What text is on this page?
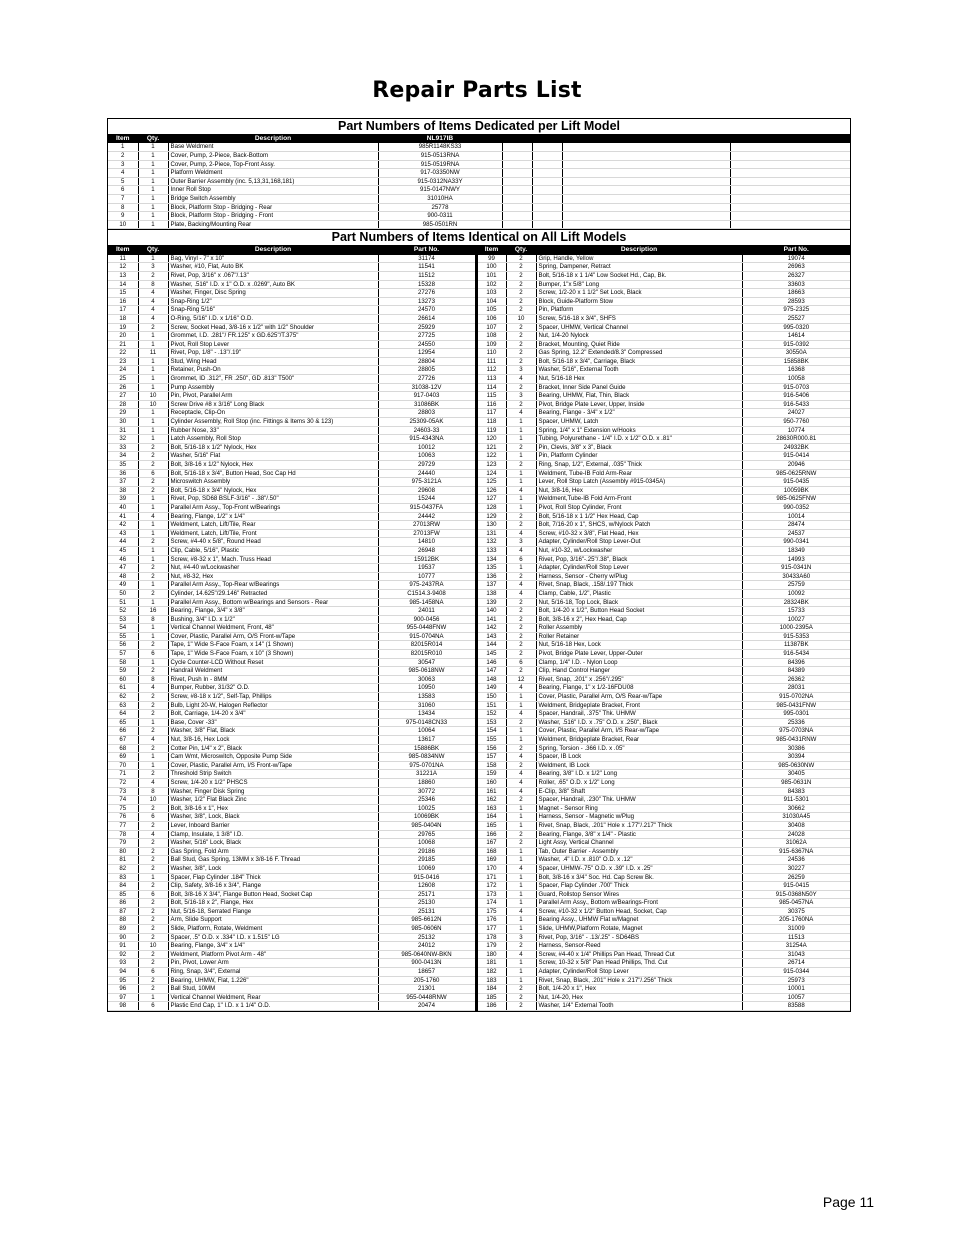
Repair Parts List
Part Numbers of Items Dedicated per Lift Model
Item	Qty.	Description	NL917IB				
1	1	Base Weldment	985R1148KS33				
2	1	Cover, Pump, 2-Piece, Back-Bottom	915-0513RNA				
3	1	Cover, Pump, 2-Piece, Top-Front Assy.	915-0519RNA				
4	1	Platform Weldment	917-03350NW				
5	1	Outer Barrier Assembly (inc. 5,13,31,168,181)	915-0312NA33Y				
6	1	Inner Roll Stop	915-0147NWY				
7	1	Bridge Switch Assembly	31010HA				
8	1	Block, Platform Stop - Bridging - Rear	25778				
9	1	Block, Platform Stop - Bridging - Front	900-0311				
10	1	Plate, Backing/Mounting Rear	985-0501RN				
Part Numbers of Items Identical on All Lift Models
Item	Qty.	Description	Part No.	Item	Qty.	Description	Part No.
11	1	Bag, Vinyl - 7" x 10"	31174	99	2	Grip, Handle, Yellow	19074
12	3	Washer, #10, Flat, Auto BK	11541	100	2	Spring, Dampener, Retract	26963
13	2	Rivet, Pop, 3/16" x .067"/.13"	11512	101	2	Bolt, 5/16-18 x 1 1/4" Low Socket Hd., Cap, Bk.	26327
14	8	Washer, .516" I.D. x 1" O.D. x .0269", Auto BK	15328	102	2	Bumper, 1"x 5/8" Long	33603
15	4	Washer, Finger, Disc Spring	27276	103	2	Screw, 1/2-20 x 1 1/2" Set Lock, Black	18663
16	4	Snap-Ring 1/2"	13273	104	2	Block, Guide-Platform Stow	28593
17	4	Snap-Ring 5/16"	24570	105	2	Pin, Platform	975-2325
18	4	O-Ring, 5/16" I.D. x 1/16" O.D.	26614	106	10	Screw, 5/16-18 x 3/4", SHFS	25527
19	2	Screw, Socket Head, 3/8-16 x 1/2" with 1/2" Shoulder	25929	107	2	Spacer, UHMW, Vertical Channel	995-0320
20	1	Grommet, I.D. .281"/ FR.125" x GD.625"/T.375"	27725	108	2	Nut, 1/4-20 Nylock	14614
21	1	Pivot, Roll Stop Lever	24550	109	2	Bracket, Mounting, Quiet Ride	915-0392
22	11	Rivet, Pop, 1/8" - .13"/.19"	12954	110	2	Gas Spring, 12.2" Extended/8.3" Compressed	30550A
23	1	Stud, Wing Head	28804	111	2	Bolt, 5/16-18 x 3/4", Carriage, Black	15858BK
24	1	Retainer, Push-On	28805	112	3	Washer, 5/16", External Tooth	16368
25	1	Grommet, ID .312", FR .250", GD .813" T500"	27726	113	4	Nut, 5/16-18 Hex	10058
26	1	Pump Assembly	31038-12V	114	2	Bracket, Inner Side Panel Guide	915-0703
27	10	Pin, Pivot, Parallel Arm	917-0403	115	3	Bearing, UHMW, Flat, Thin, Black	916-5406
28	10	Screw Drive #8 x 3/16" Long Black	31086BK	116	2	Pivot, Bridge Plate Lever, Upper, Inside	916-5433
29	1	Receptacle, Clip-On	28803	117	4	Bearing, Flange - 3/4" x 1/2"	24027
30	1	Cylinder Assembly, Roll Stop (inc. Fittings & Items 30 & 123)	25309-05AK	118	1	Spacer, UHMW, Latch	950-7760
31	1	Rubber Nose, 33"	24603-33	119	1	Spring, 1/4" x 1" Extension w/Hooks	10774
32	1	Latch Assembly, Roll Stop	915-4343NA	120	1	Tubing, Polyurethane - 1/4" I.D. x 1/2" O.D. x .81"	28630R000.81
33	2	Bolt, 5/16-18 x 1/2" Nylock, Hex	10012	121	2	Pin, Clevis, 3/8" x 3", Black	24932BK
34	2	Washer, 5/16" Flat	10063	122	1	Pin, Platform Cylinder	915-0414
35	2	Bolt, 3/8-16 x 1/2" Nylock, Hex	29729	123	2	Ring, Snap, 1/2", External, .035" Thick	20946
36	6	Bolt, 5/16-18 x 3/4", Button Head, Soc Cap Hd	24440	124	1	Weldment, Tube-IB Fold Arm-Rear	985-0625RNW
37	2	Microswitch Assembly	975-3121A	125	1	Lever, Roll Stop Latch (Assembly #915-0345A)	915-0435
38	2	Bolt, 5/16-18 x 3/4" Nylock, Hex	29608	126	4	Nut, 3/8-16, Hex	10059BK
39	1	Rivet, Pop, SD68 BSLF-3/16" - .38"/.50"	15244	127	1	Weldment,Tube-IB Fold Arm-Front	985-0625FNW
40	1	Parallel Arm Assy., Top-Front w/Bearings	915-0437FA	128	1	Pivot, Roll Stop Cylinder, Front	990-0352
41	4	Bearing, Flange, 1/2" x 1/4"	24442	129	2	Bolt, 5/16-18 x 1 1/2" Hex Head, Cap	10014
42	1	Weldment, Latch, Lift/Tile, Rear	27013RW	130	2	Bolt, 7/16-20 x 1", SHCS, w/Nylock Patch	28474
43	1	Weldment, Latch, Lift/Tile, Front	27013FW	131	4	Screw, #10-32 x 3/8", Flat Head, Hex	24537
44	2	Screw, #4-40 x 5/8", Round Head	14810	132	3	Adapter, Cylinder/Roll Stop Lever-Out	990-0341
45	1	Clip, Cable, 5/16", Plastic	26948	133	4	Nut, #10-32, w/Lockwasher	18349
46	1	Screw, #8-32 x 1", Mach. Truss Head	15912BK	134	6	Rivet, Pop, 3/16"-.25"/.38", Black	14993
47	2	Nut, #4-40 w/Lockwasher	19537	135	1	Adapter, Cylinder/Roll Stop Lever	915-0341N
48	2	Nut, #8-32, Hex	10777	136	2	Harness, Sensor - Cherry w/Plug	30433A60
49	1	Parallel Arm Assy., Top-Rear w/Bearings	975-2437RA	137	4	Rivet, Snap, Black, .158/.197 Thick	25759
50	2	Cylinder, 14.625"/29.146" Retracted	C1514.3-9408	138	4	Clamp, Cable, 1/2", Plastic	10092
51	1	Parallel Arm Assy., Bottom w/Bearings and Sensors - Rear	985-1458NA	139	2	Nut, 5/16-18, Top Lock, Black	28324BK
52	16	Bearing, Flange, 3/4" x 3/8"	24011	140	2	Bolt, 1/4-20 x 1/2", Button Head Socket	15733
53	8	Bushing, 3/4" I.D. x 1/2"	900-0456	141	2	Bolt, 3/8-16 x 2", Hex Head, Cap	10027
54	1	Vertical Channel Weldment, Front, 48"	955-0448FNW	142	2	Roller Assembly	1000-2395A
55	1	Cover, Plastic, Parallel Arm, O/S Front-w/Tape	915-0704NA	143	2	Roller Retainer	915-5353
56	2	Tape, 1" Wide S-Face Foam, x 14" (1 Shown)	82015R014	144	2	Nut, 5/16-18 Hex, Lock	11387BK
57	6	Tape, 1" Wide S-Face Foam, x 10" (3 Shown)	82015R010	145	2	Pivot, Bridge Plate Lever, Upper-Outer	916-5434
58	1	Cycle Counter-LCD Without Reset	30547	146	6	Clamp, 1/4" I.D. - Nylon Loop	84396
59	2	Handrail Weldment	985-0618NW	147	2	Clip, Hand Control Hanger	84389
60	8	Rivet, Push In - 8MM	30063	148	12	Rivet, Snap, .201" x .256"/.295"	26362
61	4	Bumper, Rubber, 31/32" O.D.	10950	149	4	Bearing, Flange, 1" x 1/2-16FDU08	28031
62	2	Screw, #8-18 x 1/2", Self-Tap, Phillips	13583	150	1	Cover, Plastic, Parallel Arm, O/S Rear-w/Tape	915-0702NA
63	2	Bulb, Light 20-W, Halogen Reflector	31060	151	1	Weldment, Bridgeplate Bracket, Front	985-0431FNW
64	2	Bolt, Carriage, 1/4-20 x 3/4"	13434	152	4	Spacer, Handrail, .375" Thk. UHMW	995-0301
65	1	Base, Cover -33"	975-0148CN33	153	2	Washer, .516" I.D. x .75" O.D. x .250", Black	25336
66	2	Washer, 3/8" Flat, Black	10064	154	1	Cover, Plastic, Parallel Arm, I/S Rear-w/Tape	975-0703NA
67	4	Nut, 3/8-16, Hex Lock	13617	155	1	Weldment, Bridgeplate Bracket, Rear	985-0431RNW
68	2	Cotter Pin, 1/4" x 2", Black	15886BK	156	2	Spring, Torsion - .366 I.D. x .05"	30386
69	1	Cam Wmt, Microswitch, Opposite Pump Side	985-0834NW	157	4	Spacer, IB Lock	30394
70	1	Cover, Plastic, Parallel Arm, I/S Front-w/Tape	975-0701NA	158	2	Weldment, IB Lock	985-0630NW
71	2	Threshold Strip Switch	31221A	159	4	Bearing, 3/8" I.D. x 1/2" Long	30405
72	4	Screw, 1/4-20 x 1/2" PHSCS	18860	160	4	Roller, .65" O.D. x 1/2" Long	985-0631N
73	8	Washer, Finger Disk Spring	30772	161	4	E-Clip, 3/8" Shaft	84383
74	10	Washer, 1/2" Flat Black Zinc	25346	162	2	Spacer, Handrail, .230" Thk. UHMW	911-5301
75	2	Bolt, 3/8-16 x 1", Hex	10025	163	1	Magnet - Sensor Ring	30662
76	6	Washer, 3/8", Lock, Black	10069BK	164	1	Harness, Sensor - Magnetic w/Plug	31030A45
77	2	Lever, Inboard Barrier	985-0404N	165	1	Rivet, Snap, Black, .201" Hole x .177"/.217" Thick	30408
78	4	Clamp, Insulate, 1 3/8" I.D.	29765	166	2	Bearing, Flange, 3/8" x 1/4" - Plastic	24028
79	2	Washer, 5/16" Lock, Black	10068	167	2	Light Assy, Vertical Channel	31062A
80	2	Gas Spring, Fold Arm	29186	168	1	Tab, Outer Barrier - Assembly	915-6367NA
81	2	Ball Stud, Gas Spring, 13MM x 3/8-16 F. Thread	29185	169	1	Washer, .4" I.D. x .810" O.D. x .12"	24536
82	2	Washer, 3/8", Lock	10069	170	4	Spacer, UHMW-.75" O.D. x .39" I.D. x .25"	30227
83	1	Spacer, Flap Cylinder .184" Thick	915-0416	171	1	Bolt, 3/8-16 x 3/4" Soc. Hd. Cap Screw Bk.	26259
84	2	Clip, Safety, 3/8-16 x 3/4", Flange	12608	172	1	Spacer, Flap Cylinder .700" Thick	915-0415
85	6	Bolt, 3/8-16 X 3/4", Flange Button Head, Socket Cap	25171	173	1	Guard, Rollstop Sensor Wires	915-0368N50Y
86	2	Bolt, 5/16-18 x 2", Flange, Hex	25130	174	1	Parallel Arm Assy., Bottom w/Bearings-Front	985-0457NA
87	2	Nut, 5/16-18, Serrated Flange	25131	175	4	Screw, #10-32 x 1/2" Button Head, Socket, Cap	30375
88	2	Arm, Slide Support	985-6612N	176	1	Bearing Assy., UHMW Flat w/Magnet	205-1760NA
89	2	Slide, Platform, Rotate, Weldment	985-0606N	177	1	Slide, UHMW,Platform Rotate, Magnet	31009
90	2	Spacer, .5" O.D. x .334" I.D. x 1.515" LG	25132	178	3	Rivet, Pop, 3/16" - .13/.25" - SD64BS	11513
91	10	Bearing, Flange, 3/4" x 1/4"	24012	179	2	Harness, Sensor-Reed	31254A
92	2	Weldment, Platform Pivot Arm - 48"	985-0640NW-BKN	180	4	Screw, #4-40 x 1/4" Phillips Pan Head, Thread Cut	31043
93	2	Pin, Pivot, Lower Arm	900-0413N	181	1	Screw, 10-32 x 5/8" Pan Head Phillips, Thd. Cut	26714
94	6	Ring, Snap, 3/4", External	18657	182	1	Adapter, Cylinder/Roll Stop Lever	915-0344
95	2	Bearing, UHMW, Flat, 1.226"	205-1760	183	1	Rivet, Snap, Black, .201" Hole x .217"/.256" Thick	25973
96	2	Ball Stud, 10MM	21301	184	2	Bolt, 1/4-20 x 1", Hex	10001
97	1	Vertical Channel Weldment, Rear	955-0448RNW	185	2	Nut, 1/4-20, Hex	10057
98	6	Plastic End Cap, 1" I.D. x 1 1/4" O.D.	20474	186	2	Washer, 1/4" External Tooth	83588
Page 11
